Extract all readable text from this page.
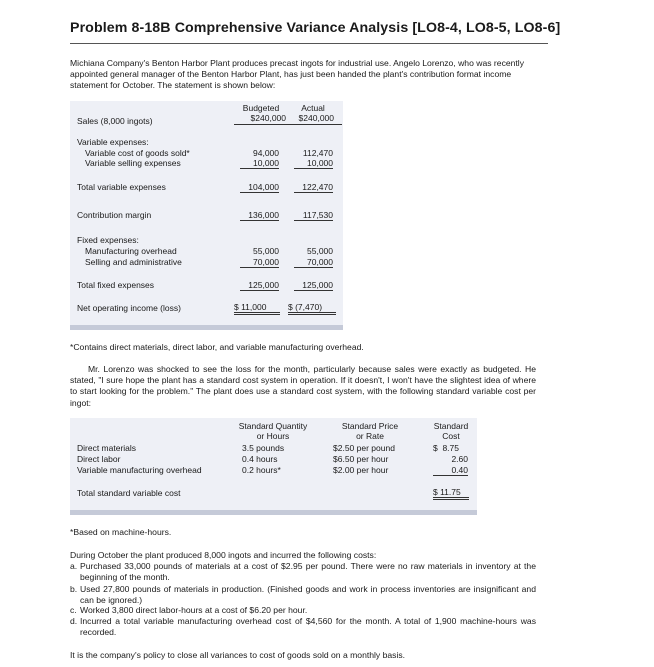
Problem 8-18B Comprehensive Variance Analysis [LO8-4, LO8-5, LO8-6]
Michiana Company's Benton Harbor Plant produces precast ingots for industrial use. Angelo Lorenzo, who was recently appointed general manager of the Benton Harbor Plant, has just been handed the plant's contribution format income statement for October. The statement is shown below:
Budgeted	Actual
Sales (8,000 ingots)	$240,000	$240,000
Variable expenses:
Variable cost of goods sold*	94,000	112,470
Variable selling expenses	10,000	10,000
Total variable expenses	104,000	122,470
Contribution margin	136,000	117,530
Fixed expenses:
Manufacturing overhead	55,000	55,000
Selling and administrative	70,000	70,000
Total fixed expenses	125,000	125,000
Net operating income (loss)	$ 11,000	$ (7,470)
*Contains direct materials, direct labor, and variable manufacturing overhead.
Mr. Lorenzo was shocked to see the loss for the month, particularly because sales were exactly as budgeted. He stated, "I sure hope the plant has a standard cost system in operation. If it doesn't, I won't have the slightest idea of where to start looking for the problem." The plant does use a standard cost system, with the following standard variable cost per ingot:
Standard Quantity
or Hours
Standard Price
or Rate
Standard
Cost
Direct materials	3.5 pounds	$2.50 per pound	$  8.75
Direct labor	0.4 hours	$6.50 per hour	2.60
Variable manufacturing overhead	0.2 hours*	$2.00 per hour	0.40
Total standard variable cost	$ 11.75
*Based on machine-hours.
During October the plant produced 8,000 ingots and incurred the following costs:
a. Purchased 33,000 pounds of materials at a cost of $2.95 per pound. There were no raw materials in inventory at the beginning of the month.
b. Used 27,800 pounds of materials in production. (Finished goods and work in process inventories are insignificant and can be ignored.)
c. Worked 3,800 direct labor-hours at a cost of $6.20 per hour.
d. Incurred a total variable manufacturing overhead cost of $4,560 for the month. A total of 1,900 machine-hours was recorded.
It is the company's policy to close all variances to cost of goods sold on a monthly basis.
